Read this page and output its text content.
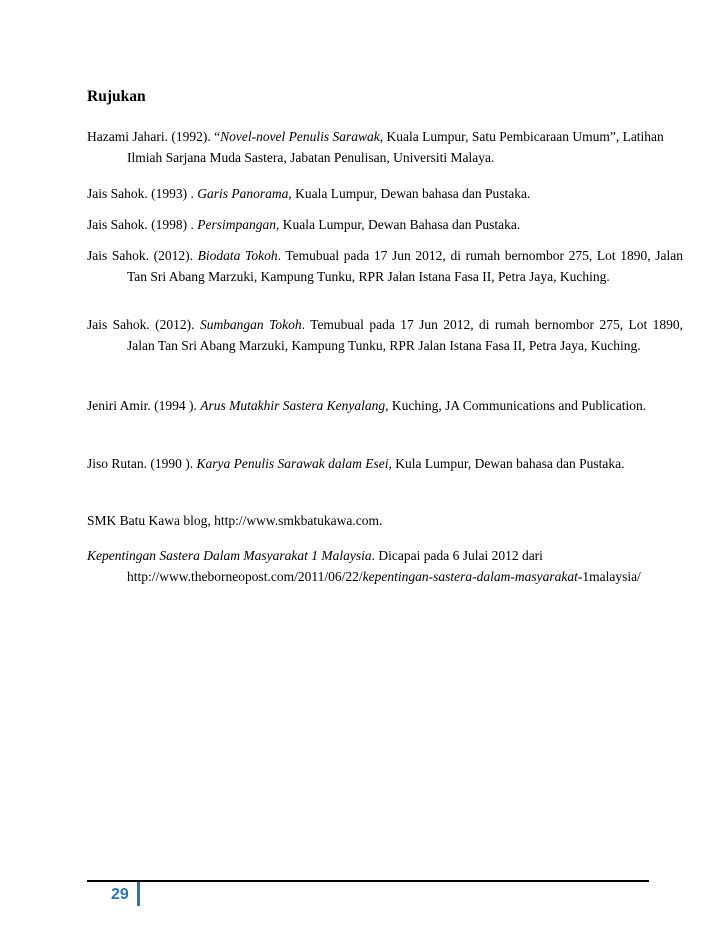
Rujukan

Hazami Jahari. (1992). “Novel-novel Penulis Sarawak, Kuala Lumpur, Satu Pembicaraan Umum”, Latihan Ilmiah Sarjana Muda Sastera, Jabatan Penulisan, Universiti Malaya.

Jais Sahok. (1993) . Garis Panorama, Kuala Lumpur, Dewan bahasa dan Pustaka.

Jais Sahok. (1998) . Persimpangan, Kuala Lumpur, Dewan Bahasa dan Pustaka.

Jais Sahok. (2012). Biodata Tokoh. Temubual pada 17 Jun 2012, di rumah bernombor 275, Lot 1890, Jalan Tan Sri Abang Marzuki, Kampung Tunku, RPR Jalan Istana Fasa II, Petra Jaya, Kuching.

Jais Sahok. (2012). Sumbangan Tokoh. Temubual pada 17 Jun 2012, di rumah bernombor 275, Lot 1890, Jalan Tan Sri Abang Marzuki, Kampung Tunku, RPR Jalan Istana Fasa II, Petra Jaya, Kuching.

Jeniri Amir. (1994 ). Arus Mutakhir Sastera Kenyalang, Kuching, JA Communications and Publication.

Jiso Rutan. (1990 ). Karya Penulis Sarawak dalam Esei, Kula Lumpur, Dewan bahasa dan Pustaka.

SMK Batu Kawa blog, http://www.smkbatukawa.com.

Kepentingan Sastera Dalam Masyarakat 1 Malaysia. Dicapai pada 6 Julai 2012 dari http://www.theborneopost.com/2011/06/22/kepentingan-sastera-dalam-masyarakat-1malaysia/

29
